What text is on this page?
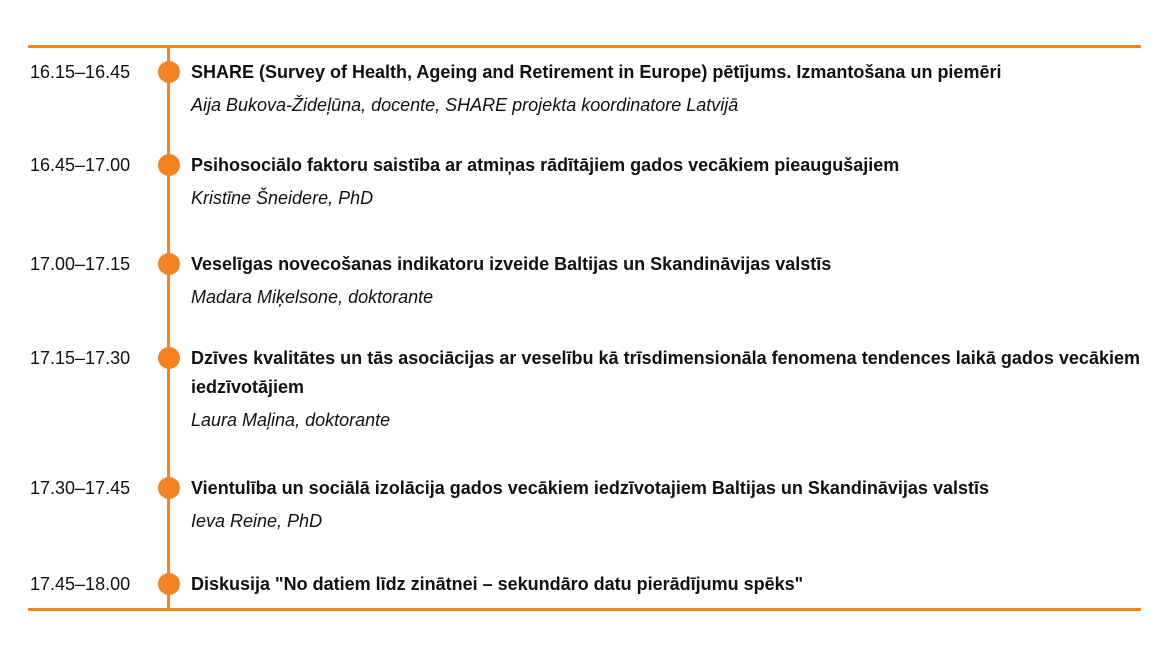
16.15–16.45	SHARE (Survey of Health, Ageing and Retirement in Europe) pētījums. Izmantošana un piemēri
Aija Bukova-Žideļūna, docente, SHARE projekta koordinatore Latvijā
16.45–17.00	Psihosociālo faktoru saistība ar atmiņas rādītājiem gados vecākiem pieaugušajiem
Kristīne Šneidere, PhD
17.00–17.15	Veselīgas novecošanas indikatoru izveide Baltijas un Skandināvijas valstīs
Madara Miķelsone, doktorante
17.15–17.30	Dzīves kvalitātes un tās asociācijas ar veselību kā trīsdimensionāla fenomena tendences laikā gados vecākiem iedzīvotājiem
Laura Maļina, doktorante
17.30–17.45	Vientulība un sociālā izolācija gados vecākiem iedzīvotajiem Baltijas un Skandināvijas valstīs
Ieva Reine, PhD
17.45–18.00	Diskusija "No datiem līdz zinātnei – sekundāro datu pierādījumu spēks"
